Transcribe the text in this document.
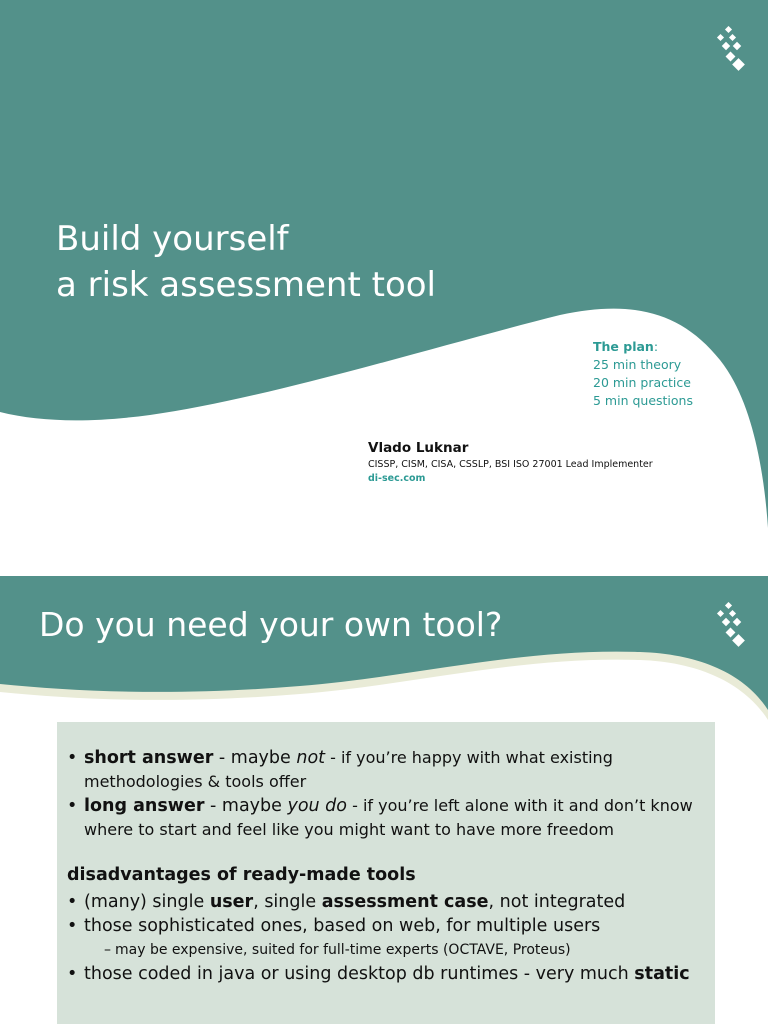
Build yourself
a risk assessment tool
The plan:
25 min theory
20 min practice
5 min questions
Vlado Luknar
CISSP, CISM, CISA, CSSLP, BSI ISO 27001 Lead Implementer
di-sec.com
Do you need your own tool?

• short answer - maybe not - if you’re happy with what existing
methodologies & tools offer

• long answer - maybe you do - if you’re left alone with it and don’t know
where to start and feel like you might want to have more freedom

disadvantages of ready-made tools

• (many) single user, single assessment case, not integrated

• those sophisticated ones, based on web, for multiple users

– may be expensive, suited for full-time experts (OCTAVE, Proteus)

• those coded in java or using desktop db runtimes - very much static
